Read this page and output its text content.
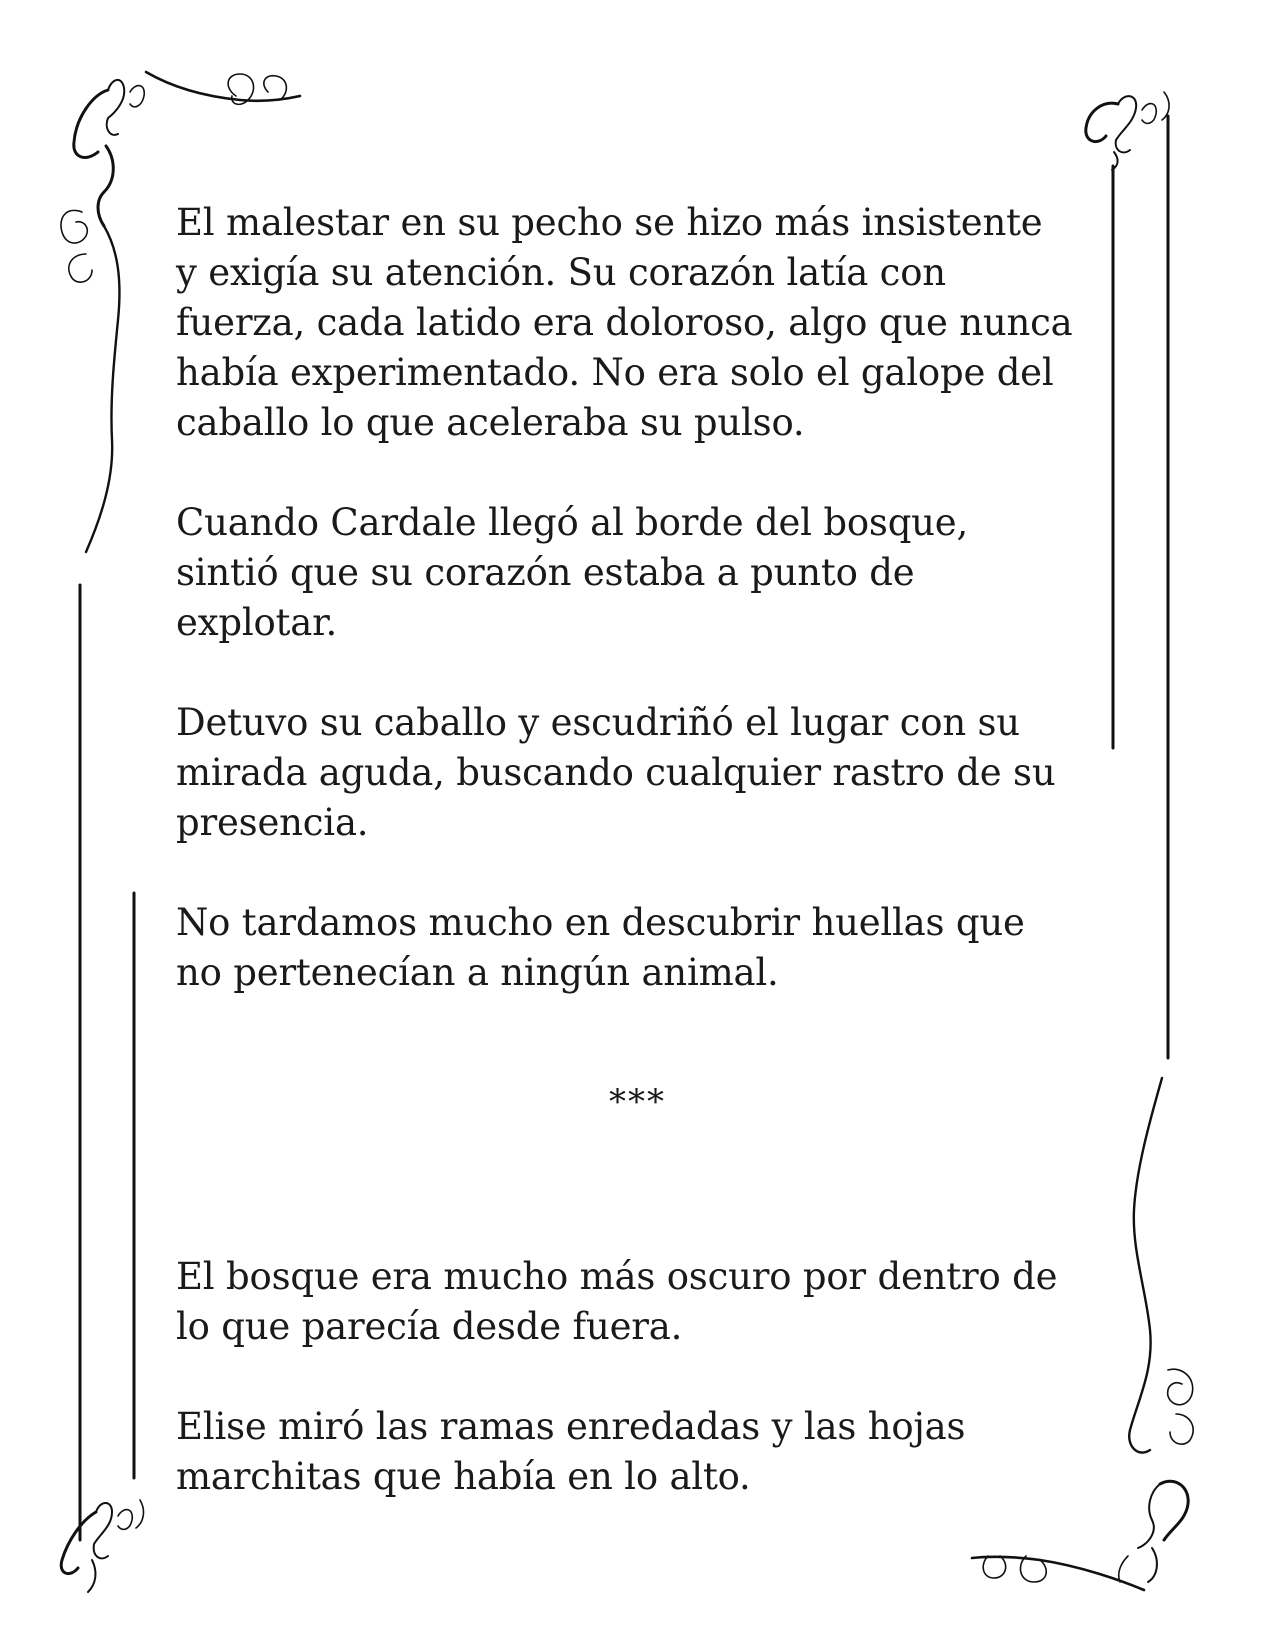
El malestar en su pecho se hizo más insistente
y exigía su atención. Su corazón latía con
fuerza, cada latido era doloroso, algo que nunca
había experimentado. No era solo el galope del
caballo lo que aceleraba su pulso.

Cuando Cardale llegó al borde del bosque,
sintió que su corazón estaba a punto de
explotar.

Detuvo su caballo y escudriñó el lugar con su
mirada aguda, buscando cualquier rastro de su
presencia.

No tardamos mucho en descubrir huellas que
no pertenecían a ningún animal.

***

El bosque era mucho más oscuro por dentro de
lo que parecía desde fuera.

Elise miró las ramas enredadas y las hojas
marchitas que había en lo alto.
